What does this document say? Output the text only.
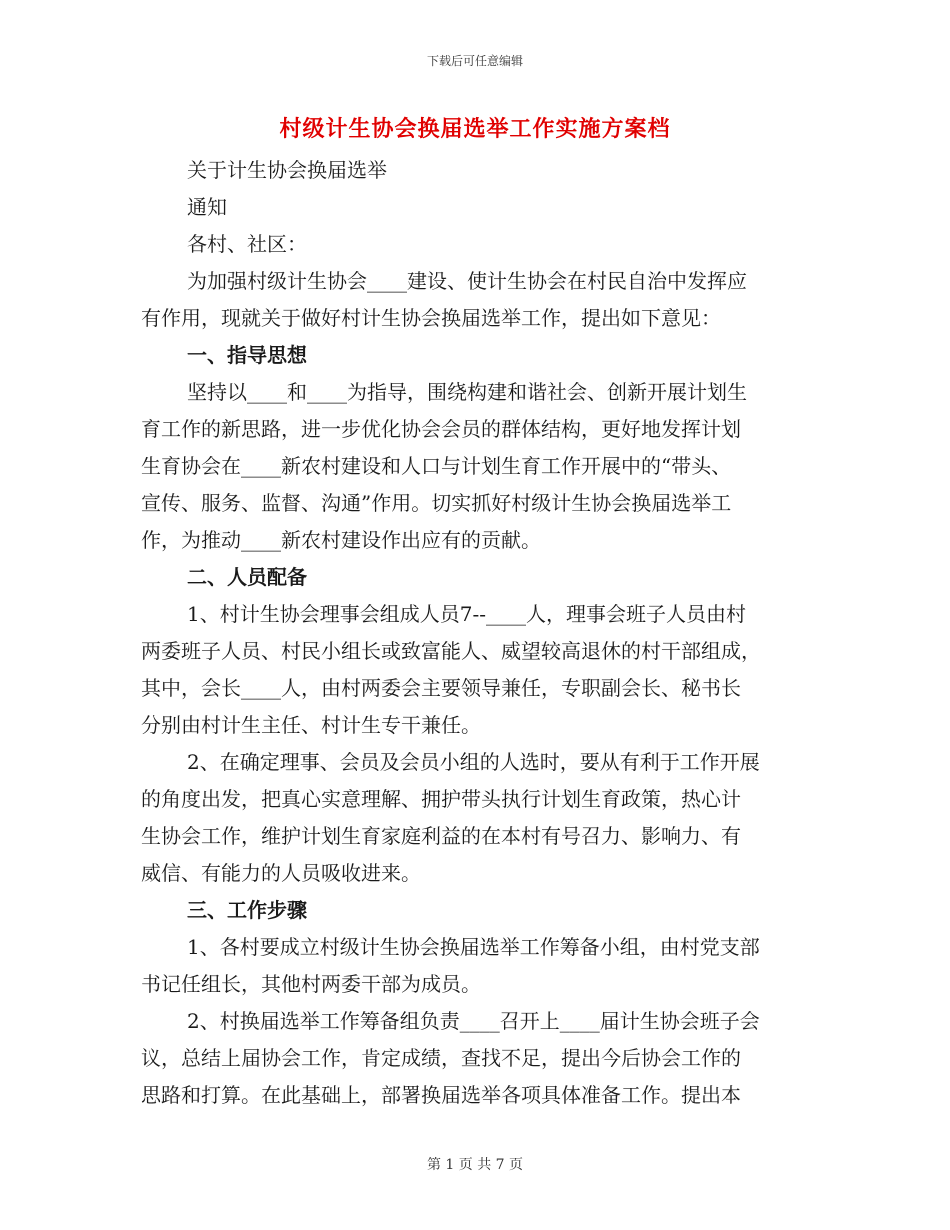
下载后可任意编辑
村级计生协会换届选举工作实施方案档
关于计生协会换届选举
通知
各村、社区：
为加强村级计生协会____建设、使计生协会在村民自治中发挥应
有作用，现就关于做好村计生协会换届选举工作，提出如下意见：
一、指导思想
坚持以____和____为指导，围绕构建和谐社会、创新开展计划生
育工作的新思路，进一步优化协会会员的群体结构，更好地发挥计划
生育协会在____新农村建设和人口与计划生育工作开展中的“带头、
宣传、服务、监督、沟通”作用。切实抓好村级计生协会换届选举工
作，为推动____新农村建设作出应有的贡献。
二、人员配备
1、村计生协会理事会组成人员7--____人，理事会班子人员由村
两委班子人员、村民小组长或致富能人、威望较高退休的村干部组成，
其中，会长____人，由村两委会主要领导兼任，专职副会长、秘书长
分别由村计生主任、村计生专干兼任。
2、在确定理事、会员及会员小组的人选时，要从有利于工作开展
的角度出发，把真心实意理解、拥护带头执行计划生育政策，热心计
生协会工作，维护计划生育家庭利益的在本村有号召力、影响力、有
威信、有能力的人员吸收进来。
三、工作步骤
1、各村要成立村级计生协会换届选举工作筹备小组，由村党支部
书记任组长，其他村两委干部为成员。
2、村换届选举工作筹备组负责____召开上____届计生协会班子会
议，总结上届协会工作，肯定成绩，查找不足，提出今后协会工作的
思路和打算。在此基础上，部署换届选举各项具体准备工作。提出本
第 1 页 共 7 页
